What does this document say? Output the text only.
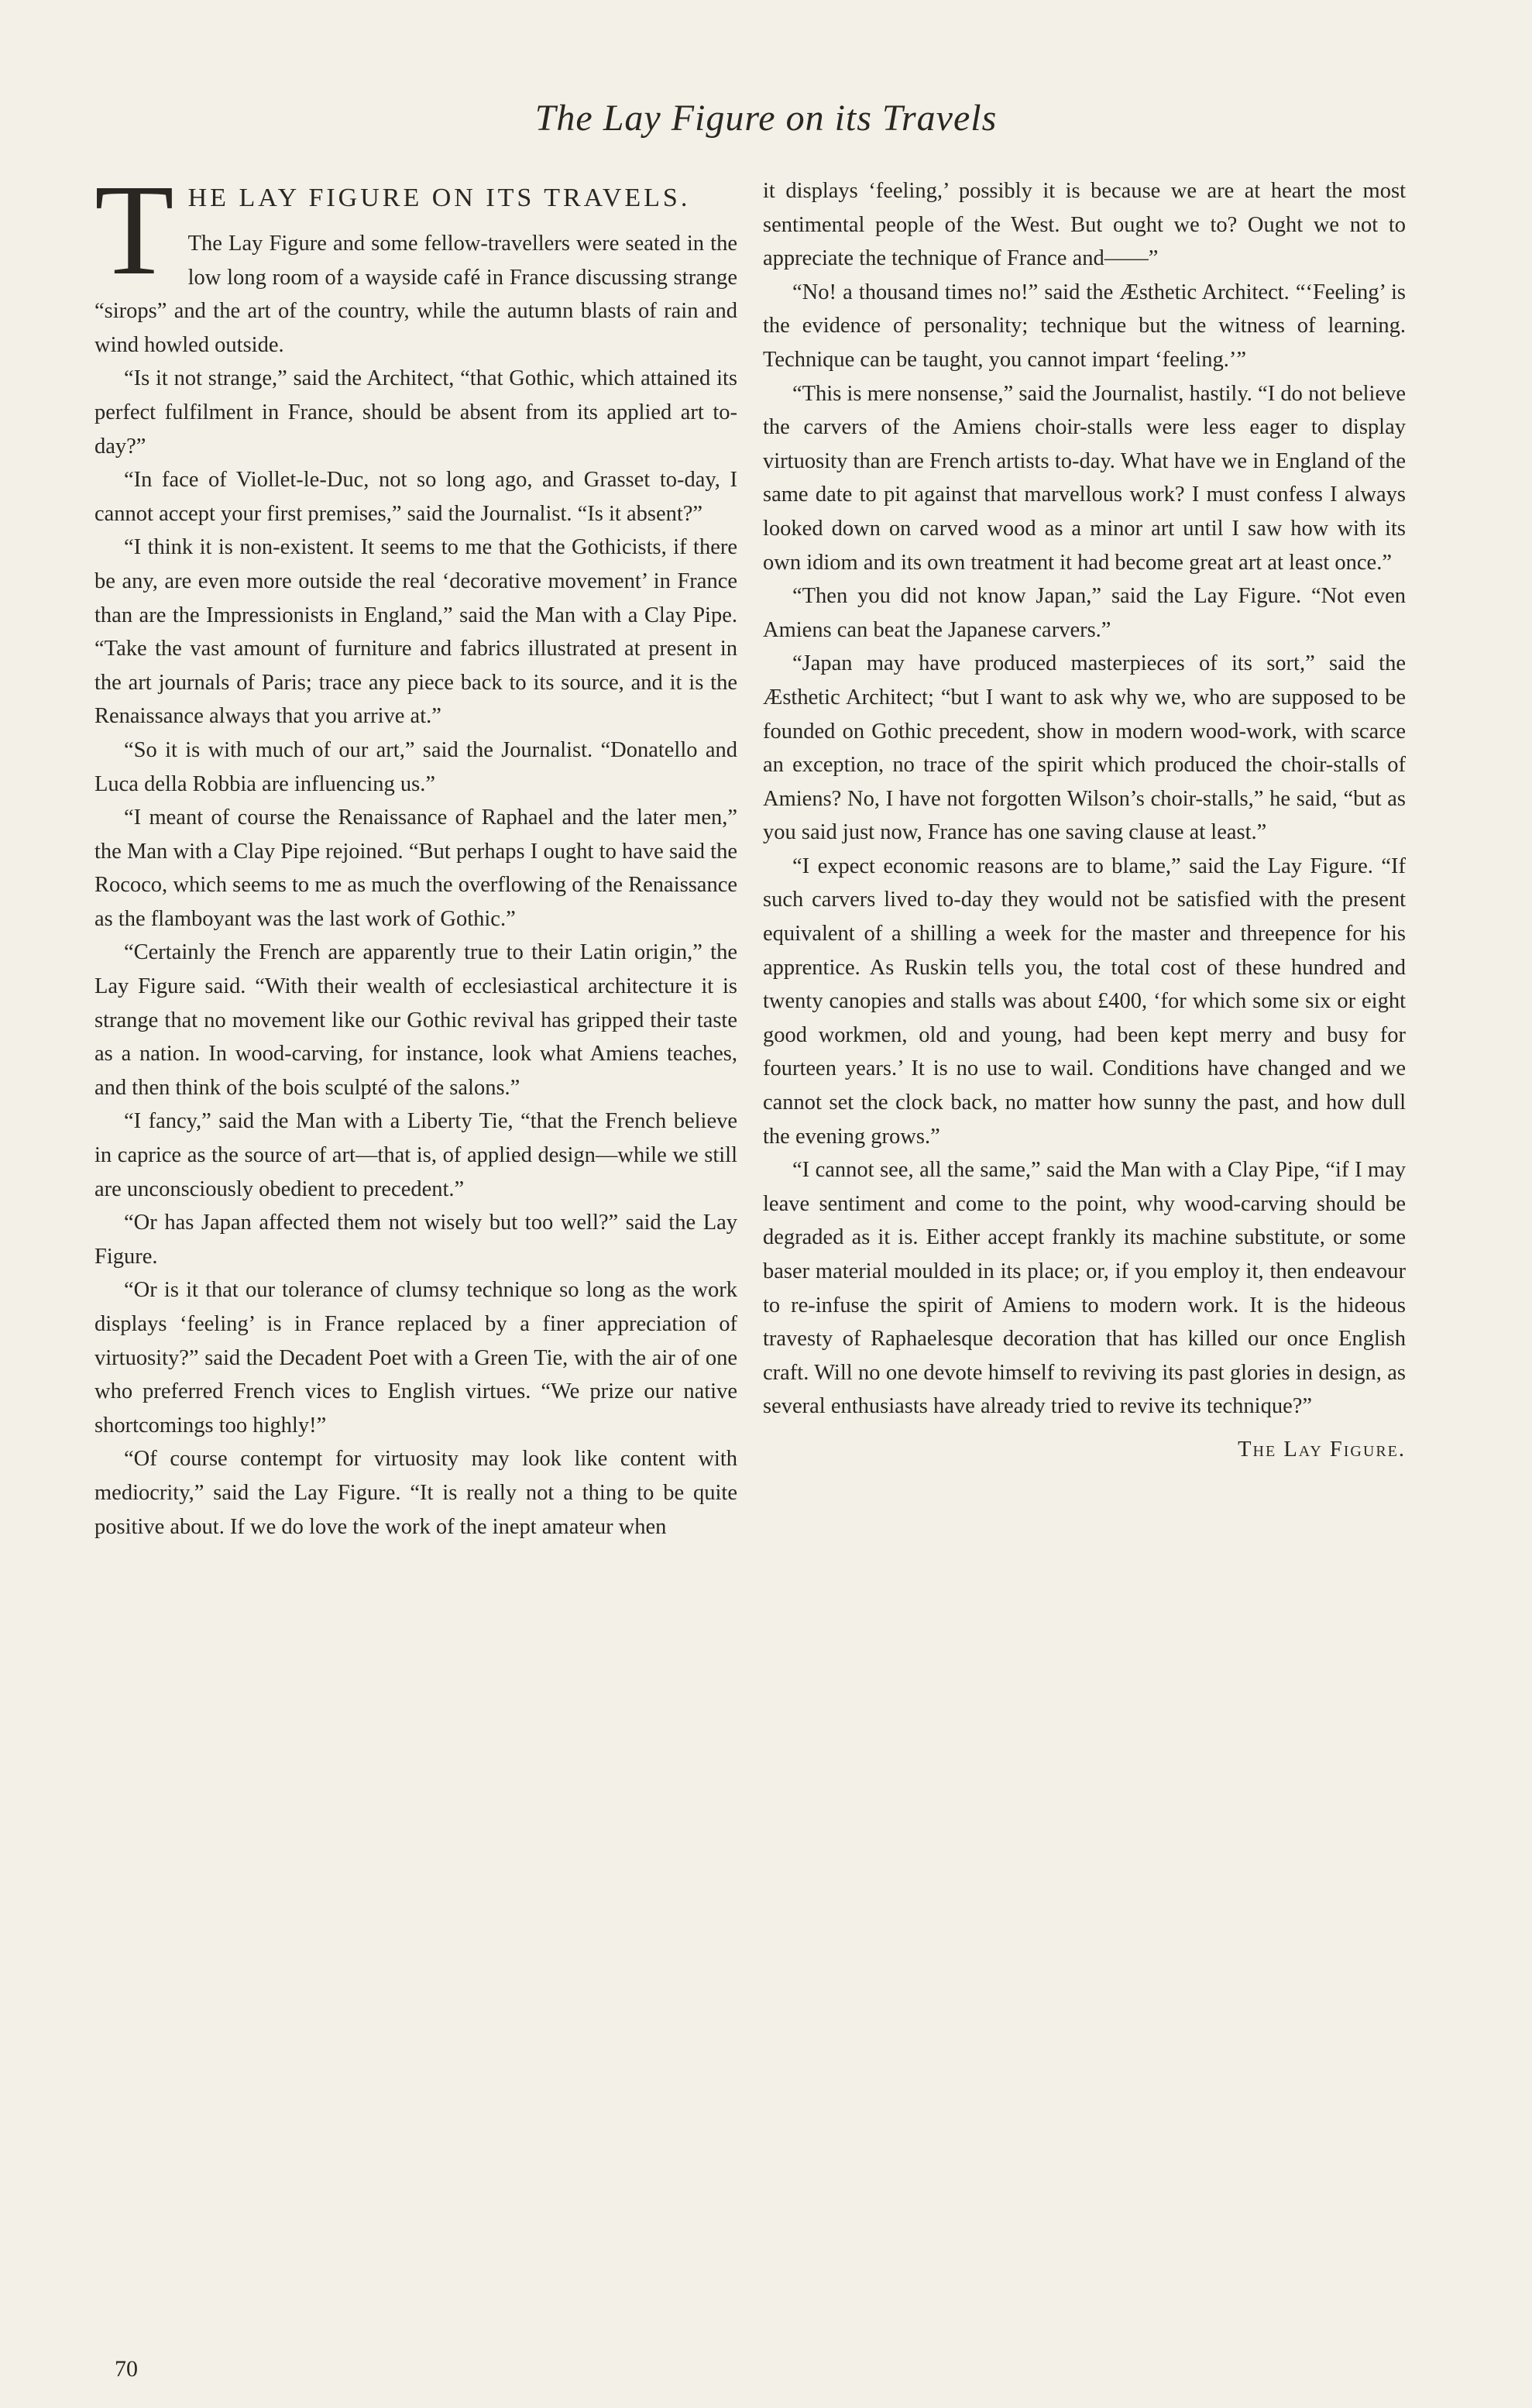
The Lay Figure on its Travels
T HE LAY FIGURE ON ITS TRAVELS.

The Lay Figure and some fellow-travellers were seated in the low long room of a wayside café in France discussing strange “sirops” and the art of the country, while the autumn blasts of rain and wind howled outside.

“Is it not strange,” said the Architect, “that Gothic, which attained its perfect fulfilment in France, should be absent from its applied art to-day?”

“In face of Viollet-le-Duc, not so long ago, and Grasset to-day, I cannot accept your first premises,” said the Journalist. “Is it absent?”

“I think it is non-existent. It seems to me that the Gothicists, if there be any, are even more outside the real ‘decorative movement’ in France than are the Impressionists in England,” said the Man with a Clay Pipe. “Take the vast amount of furniture and fabrics illustrated at present in the art journals of Paris; trace any piece back to its source, and it is the Renaissance always that you arrive at.”

“So it is with much of our art,” said the Journalist. “Donatello and Luca della Robbia are influencing us.”

“I meant of course the Renaissance of Raphael and the later men,” the Man with a Clay Pipe rejoined. “But perhaps I ought to have said the Rococo, which seems to me as much the overflowing of the Renaissance as the flamboyant was the last work of Gothic.”

“Certainly the French are apparently true to their Latin origin,” the Lay Figure said. “With their wealth of ecclesiastical architecture it is strange that no movement like our Gothic revival has gripped their taste as a nation. In wood-carving, for instance, look what Amiens teaches, and then think of the bois sculpté of the salons.”

“I fancy,” said the Man with a Liberty Tie, “that the French believe in caprice as the source of art—that is, of applied design—while we still are unconsciously obedient to precedent.”

“Or has Japan affected them not wisely but too well?” said the Lay Figure.

“Or is it that our tolerance of clumsy technique so long as the work displays ‘feeling’ is in France replaced by a finer appreciation of virtuosity?” said the Decadent Poet with a Green Tie, with the air of one who preferred French vices to English virtues. “We prize our native shortcomings too highly!”

“Of course contempt for virtuosity may look like content with mediocrity,” said the Lay Figure. “It is really not a thing to be quite positive about. If we do love the work of the inept amateur when

it displays ‘feeling,’ possibly it is because we are at heart the most sentimental people of the West. But ought we to? Ought we not to appreciate the technique of France and——”

“No! a thousand times no!” said the Æsthetic Architect. “‘Feeling’ is the evidence of personality; technique but the witness of learning. Technique can be taught, you cannot impart ‘feeling.’”

“This is mere nonsense,” said the Journalist, hastily. “I do not believe the carvers of the Amiens choir-stalls were less eager to display virtuosity than are French artists to-day. What have we in England of the same date to pit against that marvellous work? I must confess I always looked down on carved wood as a minor art until I saw how with its own idiom and its own treatment it had become great art at least once.”

“Then you did not know Japan,” said the Lay Figure. “Not even Amiens can beat the Japanese carvers.”

“Japan may have produced masterpieces of its sort,” said the Æsthetic Architect; “but I want to ask why we, who are supposed to be founded on Gothic precedent, show in modern wood-work, with scarce an exception, no trace of the spirit which produced the choir-stalls of Amiens? No, I have not forgotten Wilson’s choir-stalls,” he said, “but as you said just now, France has one saving clause at least.”

“I expect economic reasons are to blame,” said the Lay Figure. “If such carvers lived to-day they would not be satisfied with the present equivalent of a shilling a week for the master and threepence for his apprentice. As Ruskin tells you, the total cost of these hundred and twenty canopies and stalls was about £400, ‘for which some six or eight good workmen, old and young, had been kept merry and busy for fourteen years.’ It is no use to wail. Conditions have changed and we cannot set the clock back, no matter how sunny the past, and how dull the evening grows.”

“I cannot see, all the same,” said the Man with a Clay Pipe, “if I may leave sentiment and come to the point, why wood-carving should be degraded as it is. Either accept frankly its machine substitute, or some baser material moulded in its place; or, if you employ it, then endeavour to re-infuse the spirit of Amiens to modern work. It is the hideous travesty of Raphaelesque decoration that has killed our once English craft. Will no one devote himself to reviving its past glories in design, as several enthusiasts have already tried to revive its technique?”

The Lay Figure.
70
